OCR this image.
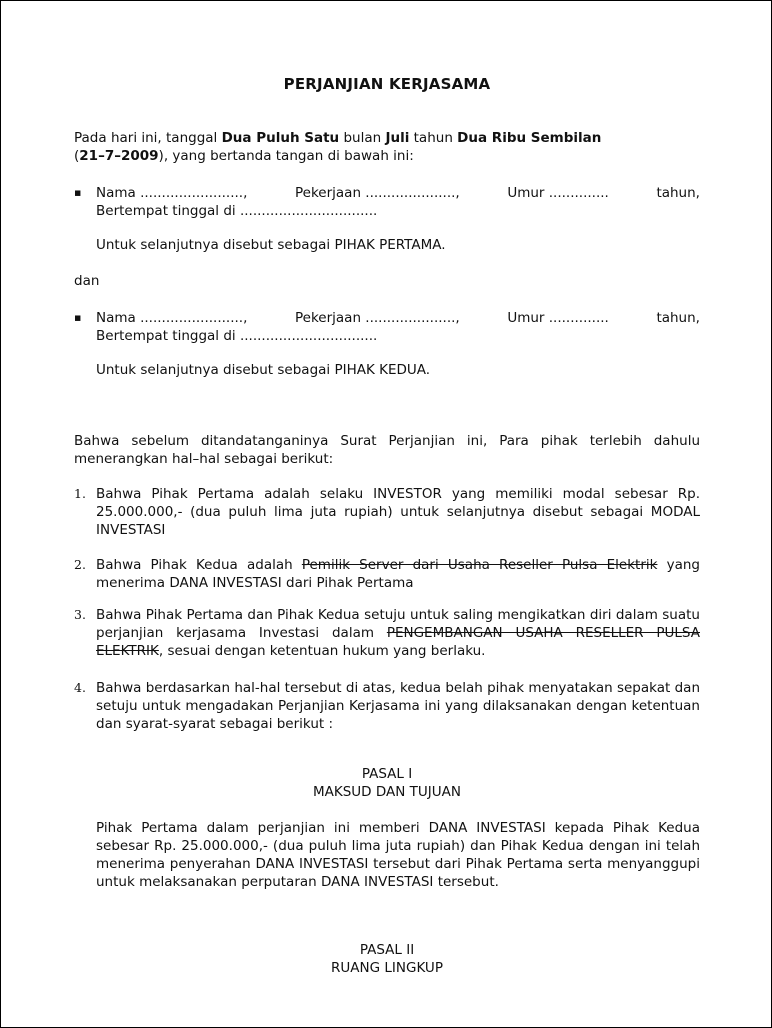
PERJANJIAN KERJASAMA
Pada hari ini, tanggal Dua Puluh Satu bulan Juli tahun Dua Ribu Sembilan
(21–7–2009), yang bertanda tangan di bawah ini:
▪ Nama ........................,	Pekerjaan .....................,	Umur ..............	tahun,
Bertempat tinggal di ................................
Untuk selanjutnya disebut sebagai PIHAK PERTAMA.
dan
▪ Nama ........................,	Pekerjaan .....................,	Umur ..............	tahun,
Bertempat tinggal di ................................
Untuk selanjutnya disebut sebagai PIHAK KEDUA.
Bahwa sebelum ditandatanganinya Surat Perjanjian ini, Para pihak terlebih dahulu menerangkan hal–hal sebagai berikut:
1. Bahwa Pihak Pertama adalah selaku INVESTOR yang memiliki modal sebesar Rp. 25.000.000,- (dua puluh lima juta rupiah) untuk selanjutnya disebut sebagai MODAL INVESTASI
2. Bahwa Pihak Kedua adalah Pemilik Server dari Usaha Reseller Pulsa Elektrik yang menerima DANA INVESTASI dari Pihak Pertama
3. Bahwa Pihak Pertama dan Pihak Kedua setuju untuk saling mengikatkan diri dalam suatu perjanjian kerjasama Investasi dalam PENGEMBANGAN USAHA RESELLER PULSA ELEKTRIK, sesuai dengan ketentuan hukum yang berlaku.
4. Bahwa berdasarkan hal-hal tersebut di atas, kedua belah pihak menyatakan sepakat dan setuju untuk mengadakan Perjanjian Kerjasama ini yang dilaksanakan dengan ketentuan dan syarat-syarat sebagai berikut :
PASAL I
MAKSUD DAN TUJUAN
Pihak Pertama dalam perjanjian ini memberi DANA INVESTASI kepada Pihak Kedua sebesar Rp. 25.000.000,- (dua puluh lima juta rupiah) dan Pihak Kedua dengan ini telah menerima penyerahan DANA INVESTASI tersebut dari Pihak Pertama serta menyanggupi untuk melaksanakan perputaran DANA INVESTASI tersebut.
PASAL II
RUANG LINGKUP
